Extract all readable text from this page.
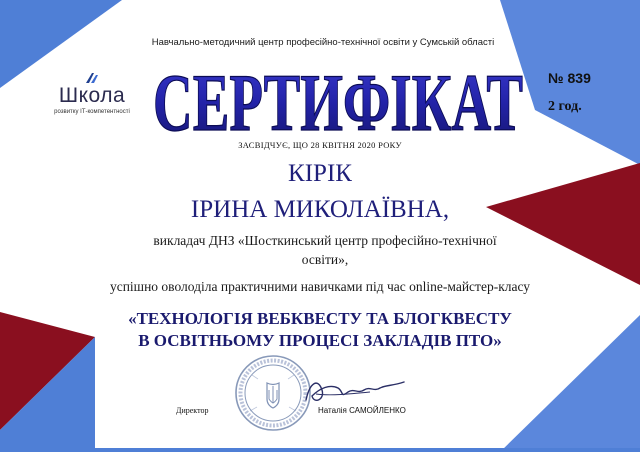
Навчально-методичний центр професійно-технічної освіти у Сумській області
Школа
розвитку ІТ-компетентності СЕРТИФІКАТ № 839
2 год.
ЗАСВІДЧУЄ, ЩО 28 КВІТНЯ 2020 РОКУ
КІРІК
ІРИНА МИКОЛАЇВНА,
викладач ДНЗ «Шосткинський центр професійно-технічної
освіти»,
успішно оволоділа практичними навичками під час online-майстер-класу
«ТЕХНОЛОГІЯ ВЕБКВЕСТУ ТА БЛОГКВЕСТУ
В ОСВІТНЬОМУ ПРОЦЕСІ ЗАКЛАДІВ ПТО»
Директор	Наталія САМОЙЛЕНКО
